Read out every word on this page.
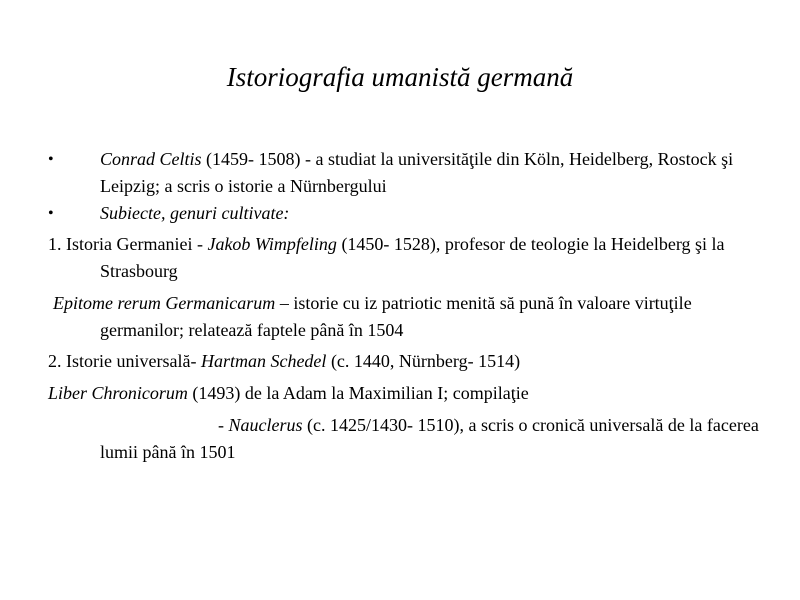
Istoriografia umanistă germană
•	Conrad Celtis (1459- 1508) - a studiat la universităţile din Köln, Heidelberg, Rostock şi Leipzig; a scris o istorie a Nürnbergului
•	Subiecte, genuri cultivate:
1. Istoria Germaniei - Jakob Wimpfeling (1450- 1528), profesor de teologie la Heidelberg şi la Strasbourg
Epitome rerum Germanicarum – istorie cu iz patriotic menită să pună în valoare virtuţile germanilor; relatează faptele până în 1504
2. Istorie universală- Hartman Schedel (c. 1440, Nürnberg- 1514)
Liber Chronicorum (1493) de la Adam la Maximilian I; compilaţie
- Nauclerus (c. 1425/1430- 1510), a scris o cronică universală de la facerea lumii până în 1501
